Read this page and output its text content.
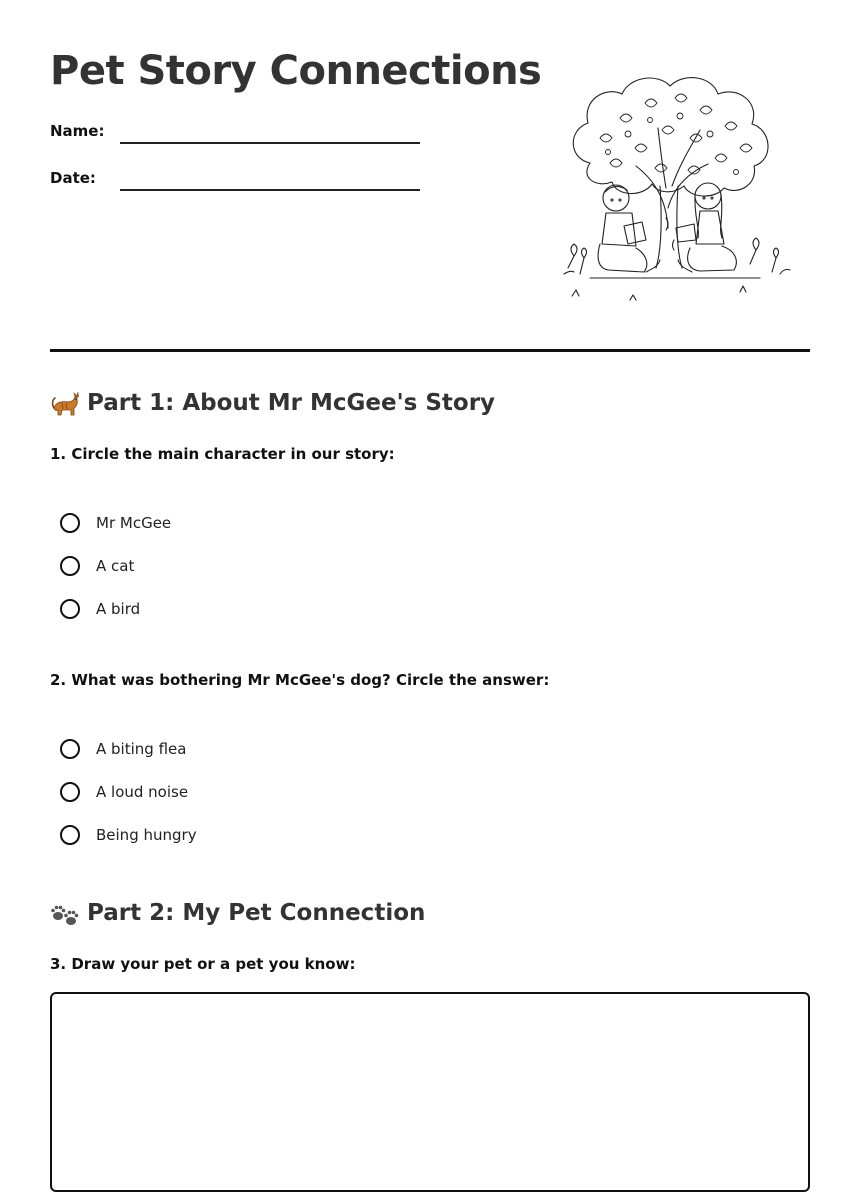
Pet Story Connections
Name:
Date:
Part 1: About Mr McGee's Story

1. Circle the main character in our story:

Mr McGee
A cat
A bird

2. What was bothering Mr McGee's dog? Circle the answer:

A biting flea
A loud noise
Being hungry
Part 2: My Pet Connection

3. Draw your pet or a pet you know:
